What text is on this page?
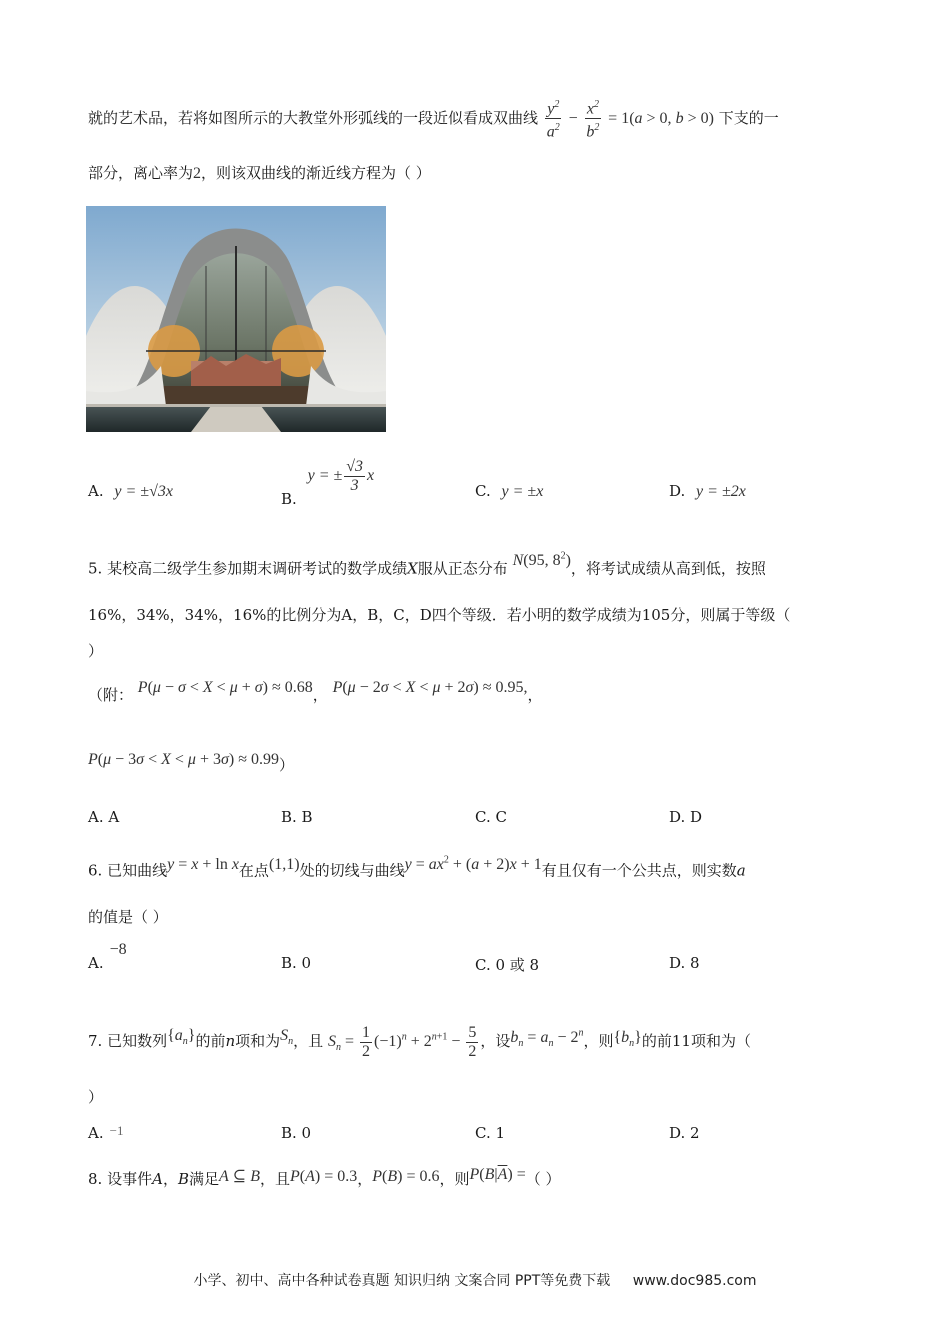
就的艺术品，若将如图所示的大教堂外形弧线的一段近似看成双曲线 $\frac{y^2}{a^2} - \frac{x^2}{b^2} = 1(a > 0$, b > 0) 下支的一
部分，离心率为2，则该双曲线的渐近线方程为（ ）
A. y = ±√3x	B. y = ± $\frac{√3}{3}$ x
C. y = ±x	D. y = ±2x
5. 某校高二级学生参加期末调研考试的数学成绩X服从正态分布 N(95, $8^2$)，将考试成绩从高到低，按照
16%，34%，34%，16%的比例分为A，B，C，D四个等级．若小明的数学成绩为105分，则属于等级（
）
（附： P(μ − σ < X < μ + σ) ≈ 0.68， P(μ − 2σ < X < μ + 2σ) ≈ 0.95,，
P(μ − 3σ < X < μ + 3σ) ≈ 0.99）
A. A	B. B	C. C	D. D
6. 已知曲线y = x + ln x在点(1,1)处的切线与曲线$y = ax^2 + (a + 2)x + 1$有且仅有一个公共点，则实数a
的值是（ ）
A.−8
B. 0	C. 0 或 8	D. 8
7. 已知数列$\{a_n\}$的前n项和为$S_n$，且 $S_n = \frac{1}{2} (-1)^n + 2^{n+1} - \frac{5}{2}$ ，设$b_n = a_n - 2^n$，则$\{b_n\}$的前11项和为（
）
A. −1	B. 0	C. 1	D. 2
8. 设事件A，B满足A ⊆ B，且P(A) = 0.3，P(B) = 0.6，则$P(B|\overline{A})$ =（ ）
小学、初中、高中各种试卷真题 知识归纳 文案合同 PPT等免费下载 www.doc985.com
